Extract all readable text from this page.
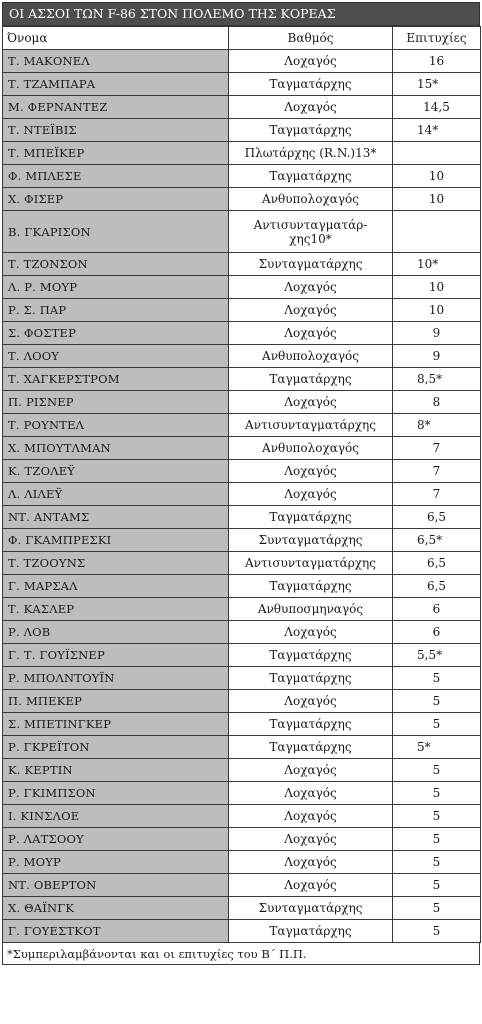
ΟΙ ΑΣΣΟΙ ΤΩΝ F-86 ΣΤΟΝ ΠΟΛΕΜΟ ΤΗΣ ΚΟΡΕΑΣ
Όνομα	Βαθμός	Επιτυχίες
Τ. ΜΑΚΟΝΕΛ	Λοχαγός	16
Τ. ΤΖΑΜΠΑΡΑ	Ταγματάρχης	15*
Μ. ΦΕΡΝΑΝΤΕΖ	Λοχαγός	14,5
Τ. ΝΤΕΪΒΙΣ	Ταγματάρχης	14*
Τ. ΜΠΕΪΚΕΡ	Πλωτάρχης (R.N.)13*	
Φ. ΜΠΛΕΣΕ	Ταγματάρχης	10
Χ. ΦΙΣΕΡ	Ανθυπολοχαγός	10
Β. ΓΚΑΡΙΣΟΝ	Αντισυνταγματάρ-χης10*	
Τ. ΤΖΟΝΣΟΝ	Συνταγματάρχης	10*
Λ. Ρ. ΜΟΥΡ	Λοχαγός	10
Ρ. Σ. ΠΑΡ	Λοχαγός	10
Σ. ΦΟΣΤΕΡ	Λοχαγός	9
Τ. ΛΟΟΥ	Ανθυπολοχαγός	9
Τ. ΧΑΓΚΕΡΣΤΡΟΜ	Ταγματάρχης	8,5*
Π. ΡΙΣΝΕΡ	Λοχαγός	8
Τ. ΡΟΥΝΤΕΛ	Αντισυνταγματάρχης	8*
Χ. ΜΠΟΥΤΛΜΑΝ	Ανθυπολοχαγός	7
Κ. ΤΖΟΛΕΫ	Λοχαγός	7
Λ. ΛΙΛΕΫ	Λοχαγός	7
ΝΤ. ΑΝΤΑΜΣ	Ταγματάρχης	6,5
Φ. ΓΚΑΜΠΡΕΣΚΙ	Συνταγματάρχης	6,5*
Τ. ΤΖΟΟΥΝΣ	Αντισυνταγματάρχης	6,5
Γ. ΜΑΡΣΑΛ	Ταγματάρχης	6,5
Τ. ΚΑΣΛΕΡ	Ανθυποσμηναγός	6
Ρ. ΛΟΒ	Λοχαγός	6
Γ. Τ. ΓΟΥΪΣΝΕΡ	Ταγματάρχης	5,5*
Ρ. ΜΠΟΛΝΤΟΥΪΝ	Ταγματάρχης	5
Π. ΜΠΕΚΕΡ	Λοχαγός	5
Σ. ΜΠΕΤΙΝΓΚΕΡ	Ταγματάρχης	5
Ρ. ΓΚΡΕΪΤΟΝ	Ταγματάρχης	5*
Κ. ΚΕΡΤΙΝ	Λοχαγός	5
Ρ. ΓΚΙΜΠΣΟΝ	Λοχαγός	5
Ι. ΚΙΝΣΛΟΕ	Λοχαγός	5
Ρ. ΛΑΤΣΟΟΥ	Λοχαγός	5
Ρ. ΜΟΥΡ	Λοχαγός	5
ΝΤ. ΟΒΕΡΤΟΝ	Λοχαγός	5
Χ. ΘΑΪΝΓΚ	Συνταγματάρχης	5
Γ. ΓΟΥΕΣΤΚΟΤ	Ταγματάρχης	5
*Συμπεριλαμβάνονται και οι επιτυχίες του Β΄ Π.Π.
